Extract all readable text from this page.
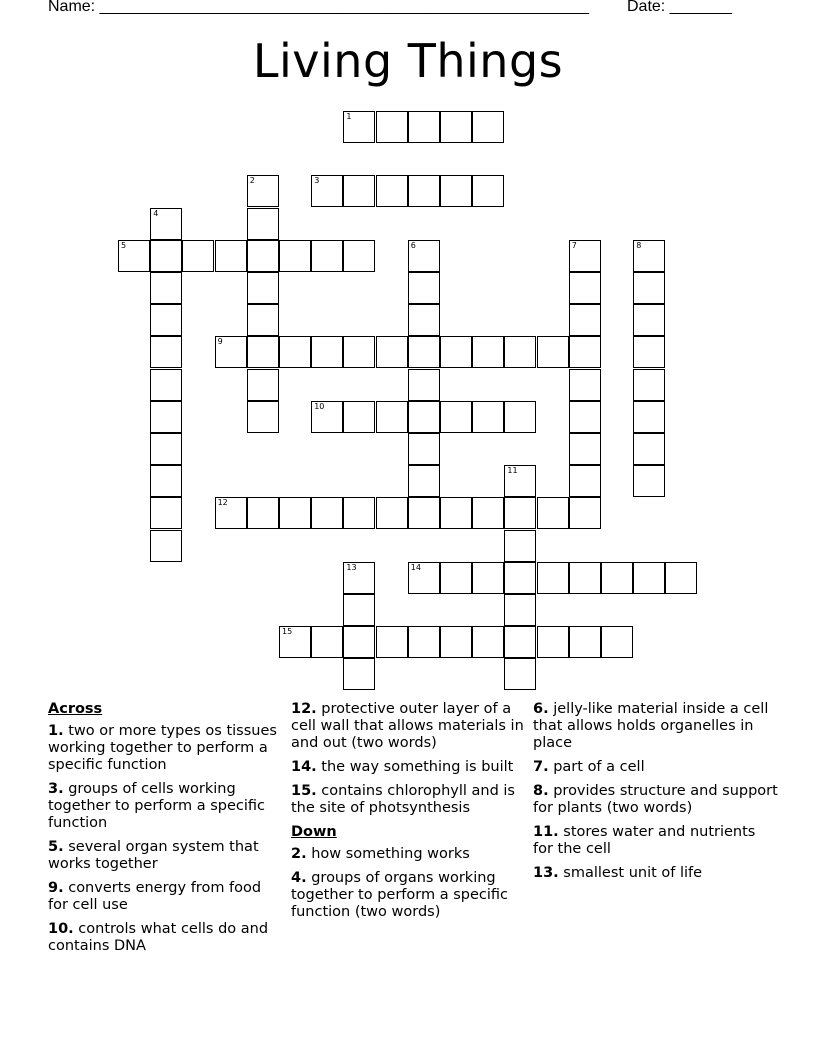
Name: _______________________________________________________ Date: _______
Living Things
1
2	3
4
5	6	7	8
9
10
11
12
13	14
15
Across
1. two or more types os tissues working together to perform a specific function
3. groups of cells working together to perform a specific function
5. several organ system that works together
9. converts energy from food for cell use
10. controls what cells do and contains DNA
12. protective outer layer of a cell wall that allows materials in and out (two words)
14. the way something is built
15. contains chlorophyll and is the site of photsynthesis
Down
2. how something works
4. groups of organs working together to perform a specific function (two words)
6. jelly-like material inside a cell that allows holds organelles in place
7. part of a cell
8. provides structure and support for plants (two words)
11. stores water and nutrients for the cell
13. smallest unit of life
